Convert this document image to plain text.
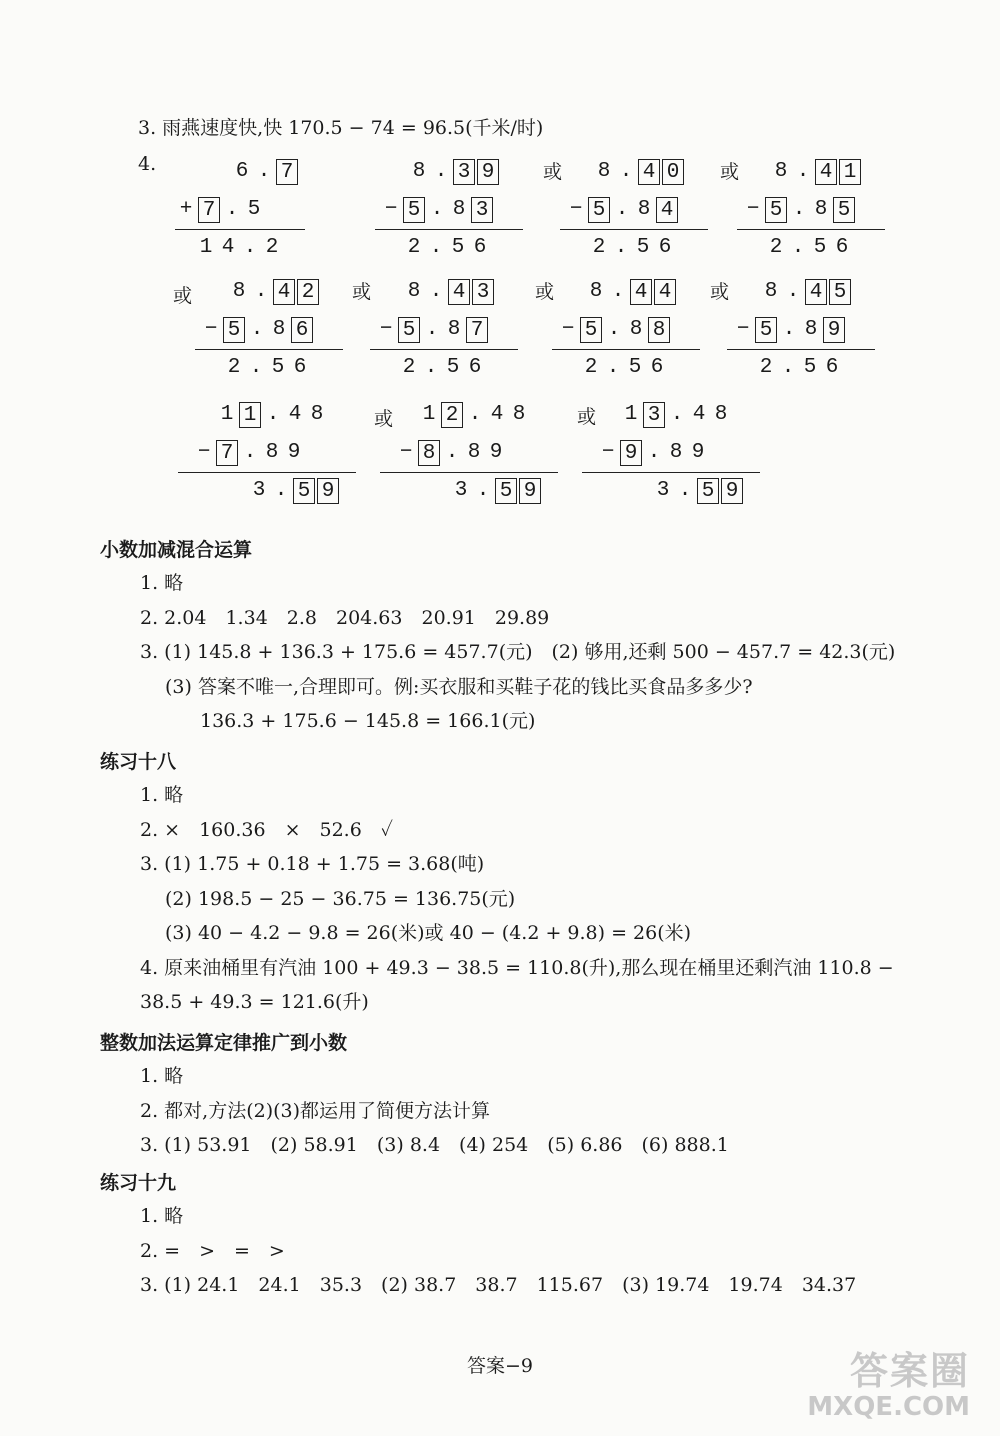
3. 雨燕速度快,快 170.5 − 74 = 96.5(千米/时)
4.	6 . 7
+ 7 . 5
1 4 . 2
8 . 3 9
− 5 . 8 3
2 . 5 6
8 . 4 0
− 5 . 8 4
2 . 5 6
8 . 4 1
− 5 . 8 5
2 . 5 6
8 . 4 2
− 5 . 8 6
2 . 5 6
8 . 4 3
− 5 . 8 7
2 . 5 6
8 . 4 4
− 5 . 8 8
2 . 5 6
8 . 4 5
− 5 . 8 9
2 . 5 6
1 1 . 4 8
− 7 . 8 9
3 . 5 9
1 2 . 4 8
− 8 . 8 9
3 . 5 9
1 3 . 4 8
− 9 . 8 9
3 . 5 9
或	或
或	或	或	或
或	或
小数加减混合运算
1. 略
2. 2.04　1.34　2.8　204.63　20.91　29.89
3. (1) 145.8 + 136.3 + 175.6 = 457.7(元)　(2) 够用,还剩 500 − 457.7 = 42.3(元)
(3) 答案不唯一,合理即可。例:买衣服和买鞋子花的钱比买食品多多少?
136.3 + 175.6 − 145.8 = 166.1(元)
练习十八
1. 略
2. ×　160.36　×　52.6　✓
3. (1) 1.75 + 0.18 + 1.75 = 3.68(吨)
(2) 198.5 − 25 − 36.75 = 136.75(元)
(3) 40 − 4.2 − 9.8 = 26(米)或 40 − (4.2 + 9.8) = 26(米)
4. 原来油桶里有汽油 100 + 49.3 − 38.5 = 110.8(升),那么现在桶里还剩汽油 110.8 −
38.5 + 49.3 = 121.6(升)
整数加法运算定律推广到小数
1. 略
2. 都对,方法(2)(3)都运用了简便方法计算
3. (1) 53.91　(2) 58.91　(3) 8.4　(4) 254　(5) 6.86　(6) 888.1
练习十九
1. 略
2. =　>　=　>
3. (1) 24.1　24.1　35.3　(2) 38.7　38.7　115.67　(3) 19.74　19.74　34.37
答案−9	答案圈
MXQE.COM
